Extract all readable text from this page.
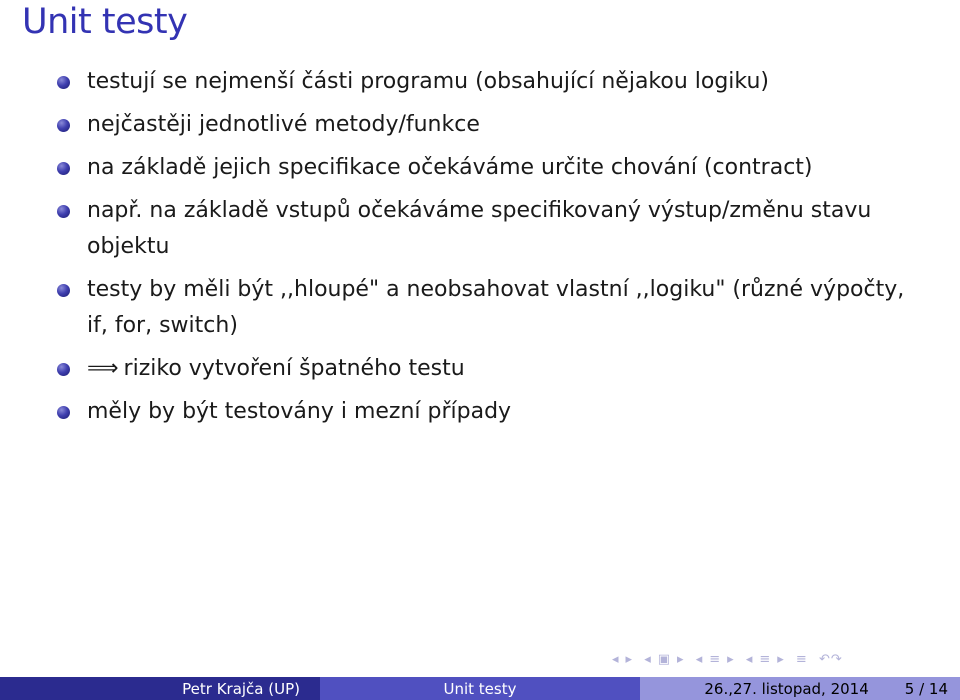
Unit testy
testují se nejmenší části programu (obsahující nějakou logiku)
nejčastěji jednotlivé metody/funkce
na základě jejich specifikace očekáváme určite chování (contract)
např. na základě vstupů očekáváme specifikovaný výstup/změnu stavu objektu
testy by měli být ,,hloupé" a neobsahovat vlastní ,,logiku" (různé výpočty, if, for, switch)
⟹ riziko vytvoření špatného testu
měly by být testovány i mezní případy
◂ ▸ ◂ ▣ ▸ ◂ ≡ ▸ ◂ ≡ ▸ ≡ ↶↷
Petr Krajča (UP)	Unit testy	26.,27. listopad, 2014 5 / 14
